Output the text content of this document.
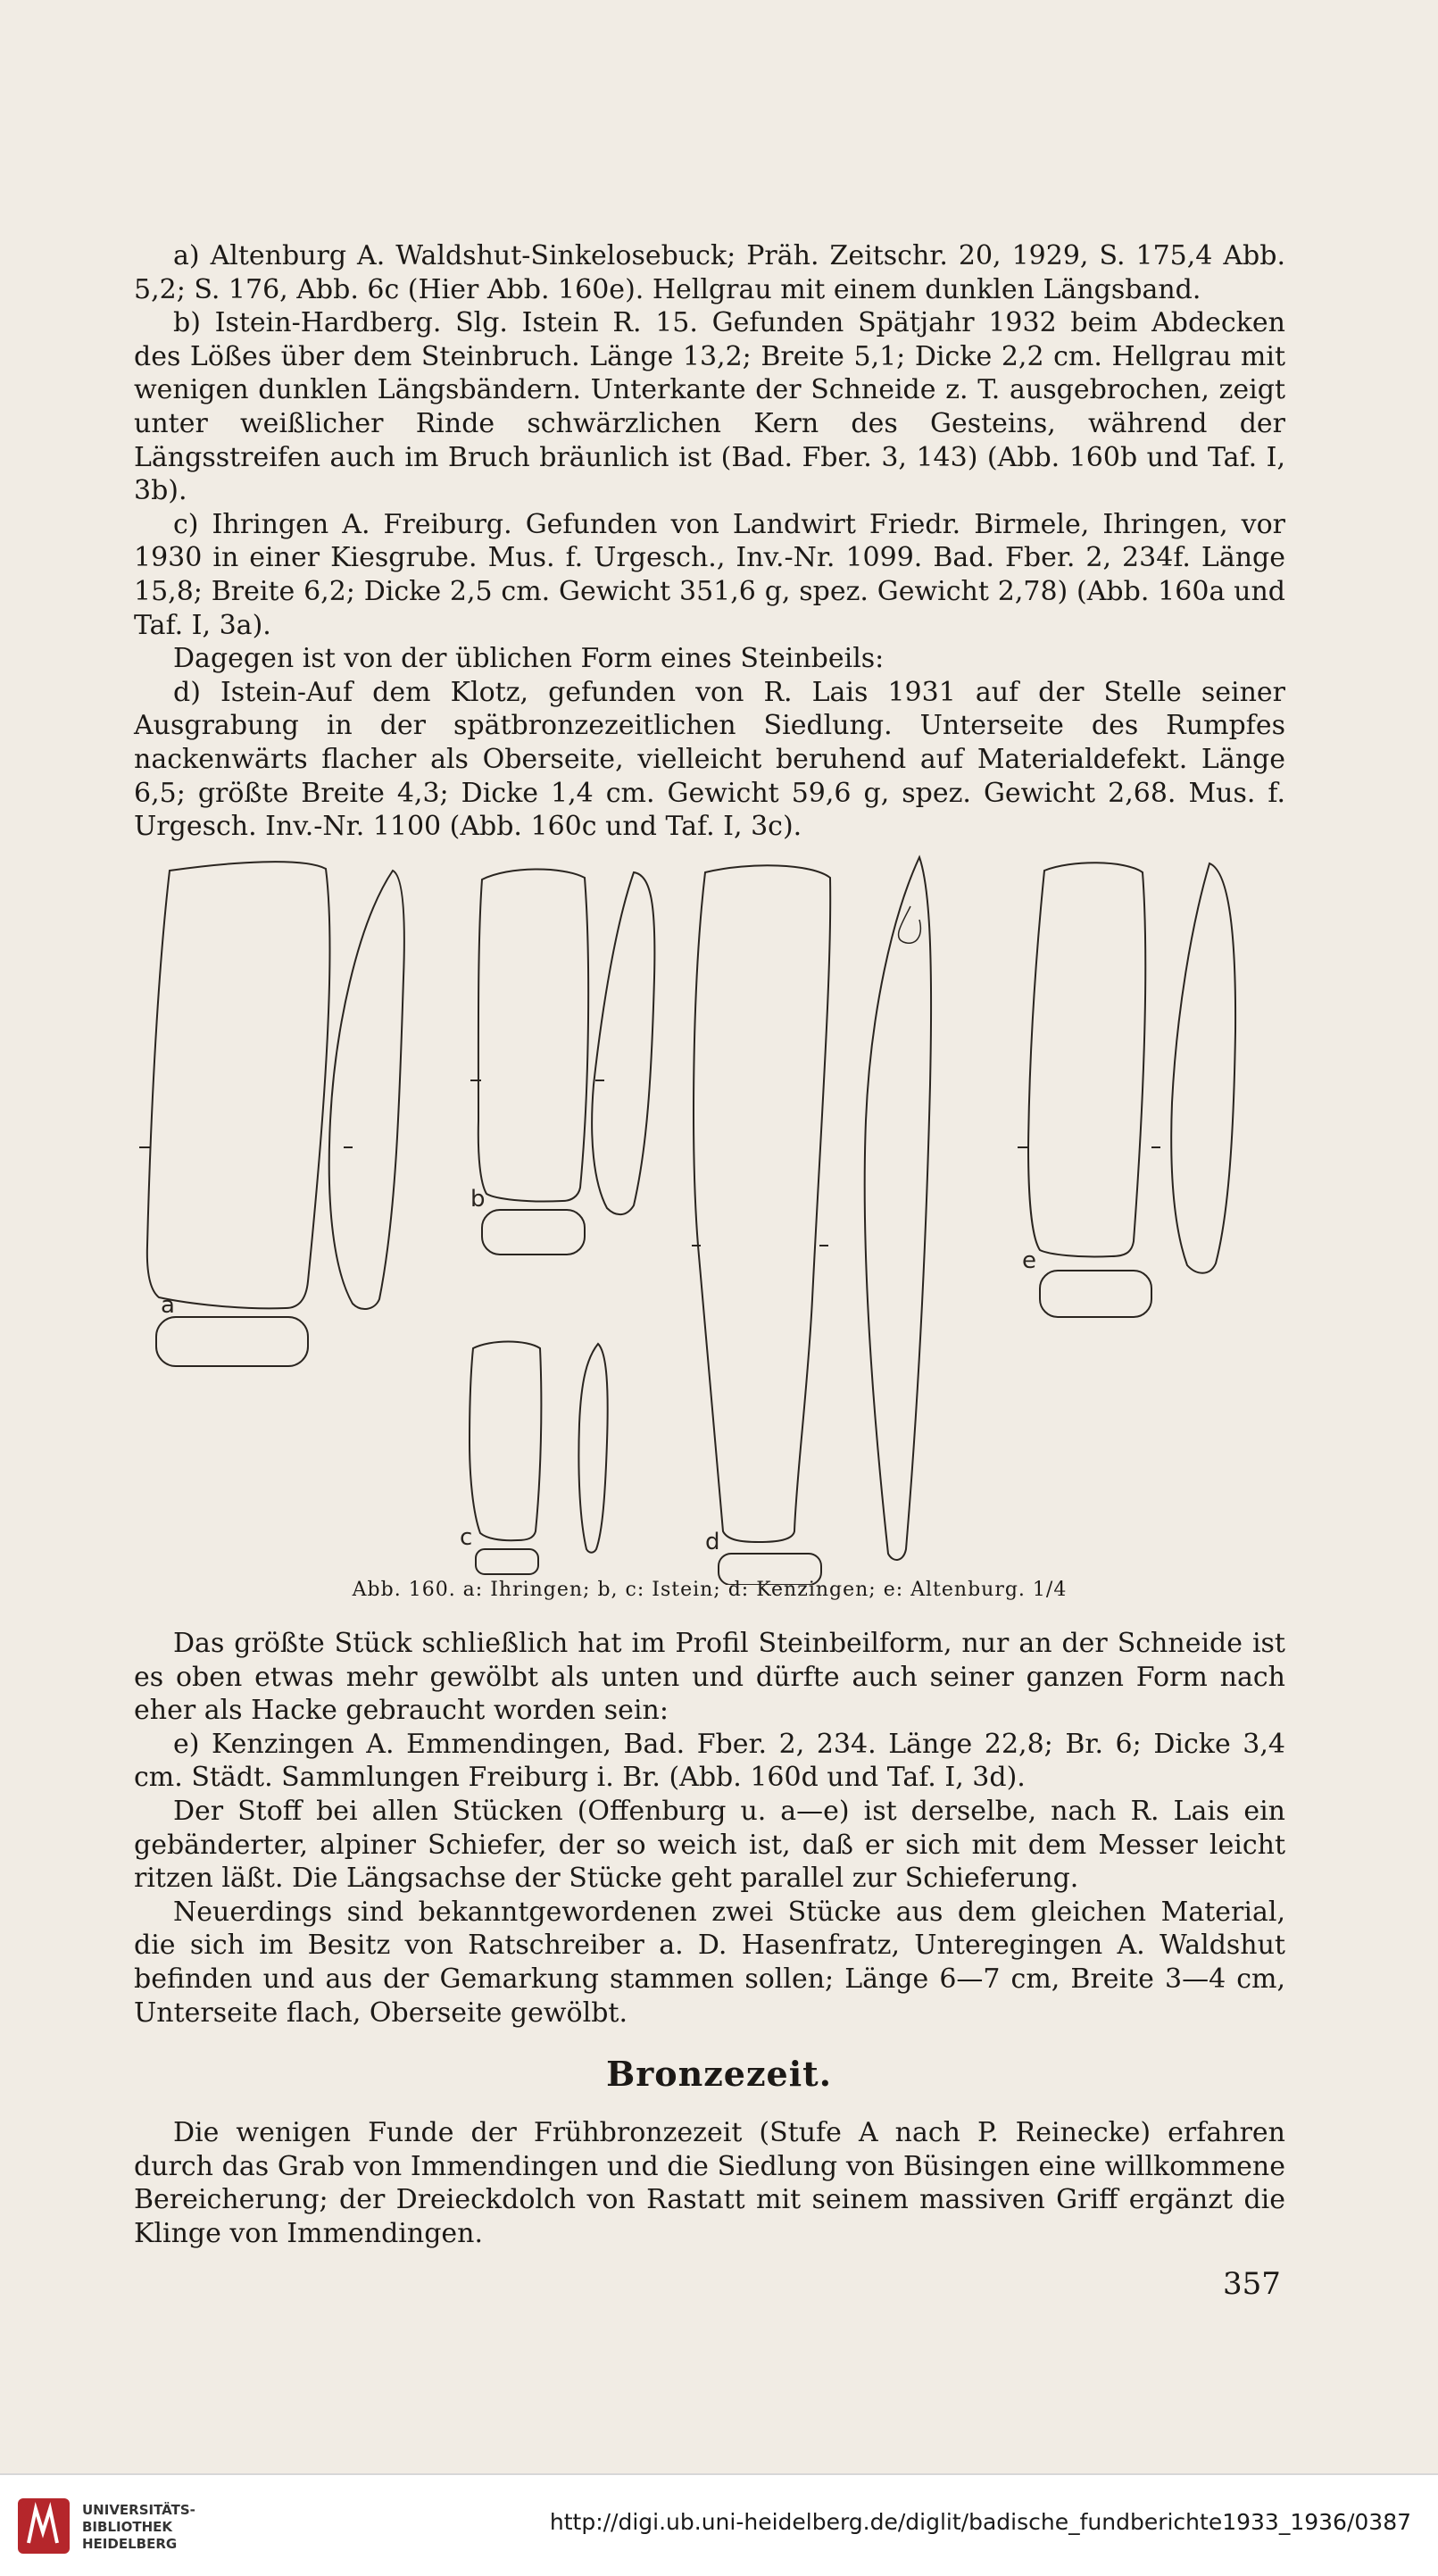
a) Altenburg A. Waldshut-Sinkelosebuck; Präh. Zeitschr. 20, 1929, S. 175,4 Abb. 5,2; S. 176, Abb. 6c (Hier Abb. 160e). Hellgrau mit einem dunklen Längsband.

b) Istein-Hardberg. Slg. Istein R. 15. Gefunden Spätjahr 1932 beim Abdecken des Lößes über dem Steinbruch. Länge 13,2; Breite 5,1; Dicke 2,2 cm. Hellgrau mit wenigen dunklen Längsbändern. Unterkante der Schneide z. T. ausgebrochen, zeigt unter weißlicher Rinde schwärzlichen Kern des Gesteins, während der Längsstreifen auch im Bruch bräunlich ist (Bad. Fber. 3, 143) (Abb. 160b und Taf. I, 3b).

c) Ihringen A. Freiburg. Gefunden von Landwirt Friedr. Birmele, Ihringen, vor 1930 in einer Kiesgrube. Mus. f. Urgesch., Inv.-Nr. 1099. Bad. Fber. 2, 234f. Länge 15,8; Breite 6,2; Dicke 2,5 cm. Gewicht 351,6 g, spez. Gewicht 2,78) (Abb. 160a und Taf. I, 3a).

Dagegen ist von der üblichen Form eines Steinbeils:

d) Istein-Auf dem Klotz, gefunden von R. Lais 1931 auf der Stelle seiner Ausgrabung in der spätbronzezeitlichen Siedlung. Unterseite des Rumpfes nackenwärts flacher als Oberseite, vielleicht beruhend auf Materialdefekt. Länge 6,5; größte Breite 4,3; Dicke 1,4 cm. Gewicht 59,6 g, spez. Gewicht 2,68. Mus. f. Urgesch. Inv.-Nr. 1100 (Abb. 160c und Taf. I, 3c).

a
b
c	d
e
Abb. 160. a: Ihringen; b, c: Istein; d: Kenzingen; e: Altenburg. 1/4

Das größte Stück schließlich hat im Profil Steinbeilform, nur an der Schneide ist es oben etwas mehr gewölbt als unten und dürfte auch seiner ganzen Form nach eher als Hacke gebraucht worden sein:

e) Kenzingen A. Emmendingen, Bad. Fber. 2, 234. Länge 22,8; Br. 6; Dicke 3,4 cm. Städt. Sammlungen Freiburg i. Br. (Abb. 160d und Taf. I, 3d).

Der Stoff bei allen Stücken (Offenburg u. a—e) ist derselbe, nach R. Lais ein gebänderter, alpiner Schiefer, der so weich ist, daß er sich mit dem Messer leicht ritzen läßt. Die Längsachse der Stücke geht parallel zur Schieferung.

Neuerdings sind bekanntgewordenen zwei Stücke aus dem gleichen Material, die sich im Besitz von Ratschreiber a. D. Hasenfratz, Unteregingen A. Waldshut befinden und aus der Gemarkung stammen sollen; Länge 6—7 cm, Breite 3—4 cm, Unterseite flach, Oberseite gewölbt.

Bronzezeit.

Die wenigen Funde der Frühbronzezeit (Stufe A nach P. Reinecke) erfahren durch das Grab von Immendingen und die Siedlung von Büsingen eine willkommene Bereicherung; der Dreieckdolch von Rastatt mit seinem massiven Griff ergänzt die Klinge von Immendingen.

357
UNIVERSITÄTS-
BIBLIOTHEK
HEIDELBERG
http://digi.ub.uni-heidelberg.de/diglit/badische_fundberichte1933_1936/0387
